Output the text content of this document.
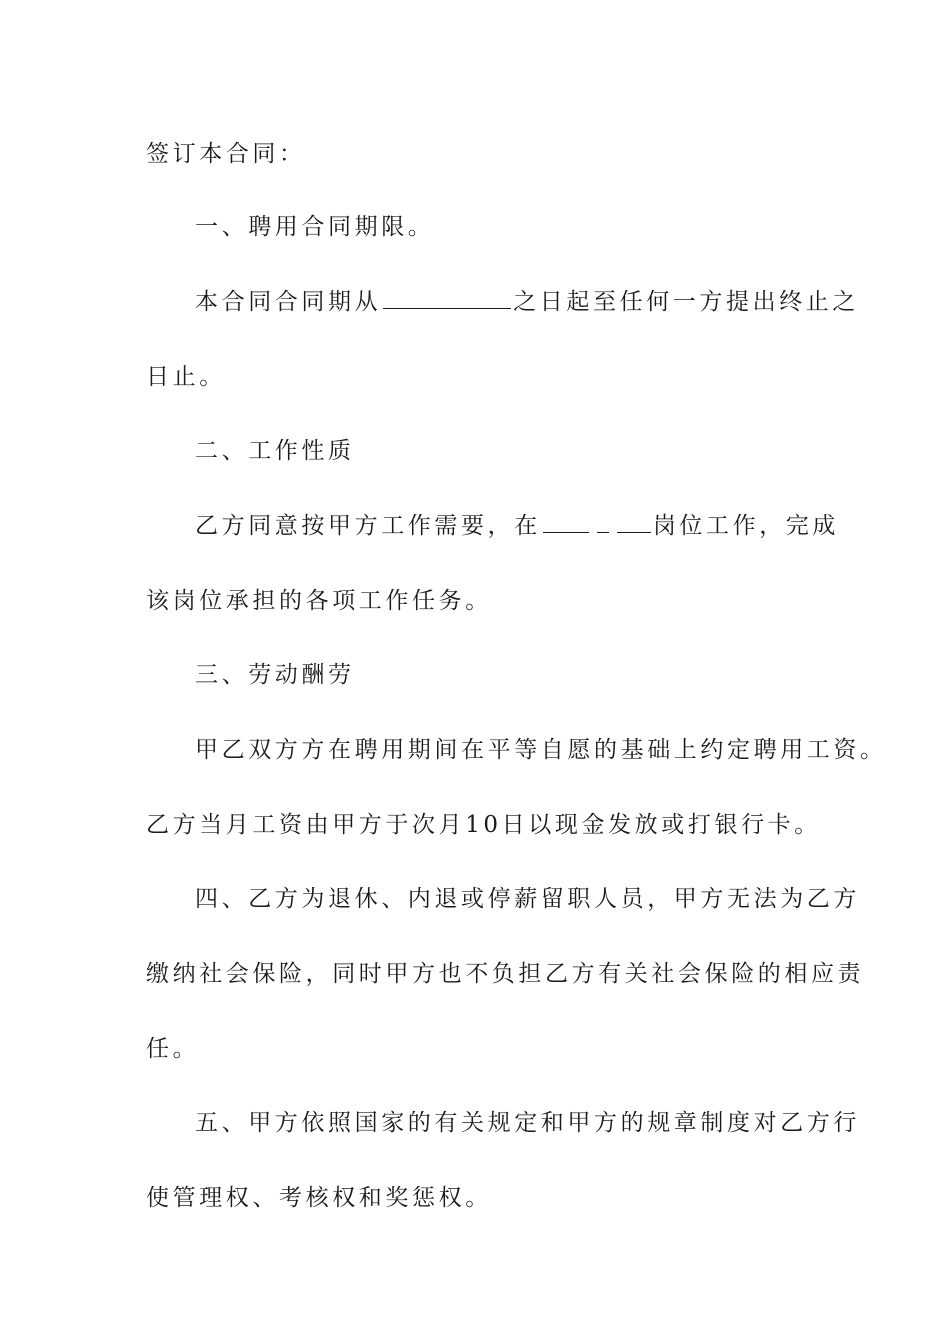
签订本合同：
一、聘用合同期限。
本合同合同期从	之日起至任何一方提出终止之
日止。
二、工作性质
乙方同意按甲方工作需要，在	岗位工作，完成
该岗位承担的各项工作任务。
三、劳动酬劳
甲乙双方方在聘用期间在平等自愿的基础上约定聘用工资。
乙方当月工资由甲方于次月10日以现金发放或打银行卡。
四、乙方为退休、内退或停薪留职人员，甲方无法为乙方
缴纳社会保险，同时甲方也不负担乙方有关社会保险的相应责
任。
五、甲方依照国家的有关规定和甲方的规章制度对乙方行
使管理权、考核权和奖惩权。
